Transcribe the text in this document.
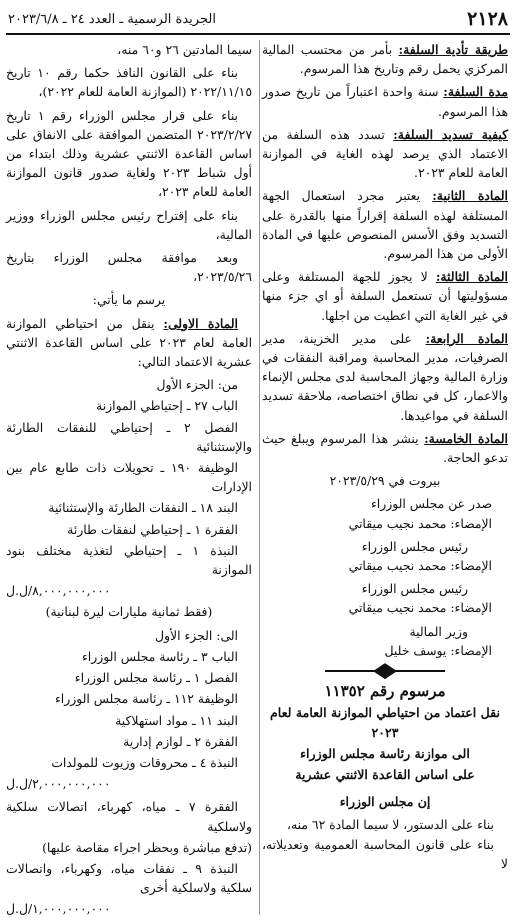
٢١٢٨
الجريدة الرسمية ـ العدد ٢٤ ـ ٢٠٢٣/٦/٨

طريقة تأدية السلفة: بأمر من محتسب المالية المركزي يحمل رقم وتاريخ هذا المرسوم.

مدة السلفة: سنة واحدة اعتباراً من تاريخ صدور هذا المرسوم.

كيفية تسديد السلفة: تسدد هذه السلفة من الاعتماد الذي يرصد لهذه الغاية في الموازنة العامة للعام ٢٠٢٣.

المادة الثانية: يعتبر مجرد استعمال الجهة المستلفة لهذه السلفة إقراراً منها بالقدرة على التسديد وفق الأسس المنصوص عليها في المادة الأولى من هذا المرسوم.

المادة الثالثة: لا يجوز للجهة المستلفة وعلى مسؤوليتها أن تستعمل السلفة أو اي جزء منها في غير الغاية التي اعطيت من اجلها.

المادة الرابعة: على مدير الخزينة، مدير الصرفيات، مدير المحاسبة ومراقبة النفقات في وزارة المالية وجهاز المحاسبة لدى مجلس الإنماء والاعمار، كل في نطاق اختصاصه، ملاحقة تسديد السلفة في مواعيدها.

المادة الخامسة: ينشر هذا المرسوم ويبلغ حيث تدعو الحاجة.

بيروت في ٢٠٢٣/٥/٢٩

صدر عن مجلس الوزراء

الإمضاء: محمد نجيب ميقاتي

رئيس مجلس الوزراء

الإمضاء: محمد نجيب ميقاتي

رئيس مجلس الوزراء

الإمضاء: محمد نجيب ميقاتي

وزير المالية

الإمضاء: يوسف خليل

مرسوم رقم ١١٣٥٢

نقل اعتماد من احتياطي الموازنة العامة لعام ٢٠٢٣

الى موازنة رئاسة مجلس الوزراء

على اساس القاعدة الاثنتي عشرية

إن مجلس الوزراء

بناء على الدستور، لا سيما المادة ٦٢ منه،

بناء على قانون المحاسبة العمومية وتعديلاته، لا

سيما المادتين ٢٦ و٦٠ منه،

بناء على القانون النافذ حكما رقم ١٠ تاريخ ٢٠٢٢/١١/١٥ (الموازنة العامة للعام ٢٠٢٢)،

بناء على قرار مجلس الوزراء رقم ١ تاريخ ٢٠٢٣/٢/٢٧ المتضمن الموافقة على الانفاق على اساس القاعدة الاثنتي عشرية وذلك ابتداء من أول شباط ٢٠٢٣ ولغاية صدور قانون الموازنة العامة للعام ٢٠٢٣،

بناء على إقتراح رئيس مجلس الوزراء ووزير المالية،

وبعد موافقة مجلس الوزراء بتاريخ ٢٠٢٣/٥/٢٦،

يرسم ما يأتي:

المادة الاولى: ينقل من احتياطي الموازنة العامة لعام ٢٠٢٣ على اساس القاعدة الاثنتي عشرية الاعتماد التالي:

من: الجزء الأول

الباب ٢٧ ـ إحتياطي الموازنة

الفصل ٢ ـ إحتياطي للنفقات الطارئة والإستثنائية

الوظيفة ١٩٠ ـ تحويلات ذات طابع عام بين الإدارات

البند ١٨ ـ النفقات الطارئة والإستثنائية

الفقرة ١ ـ إحتياطي لنفقات طارئة

النبذة ١ ـ إحتياطي لتغذية مختلف بنود الموازنة

٨,٠٠٠,٠٠٠,٠٠٠/ل.ل

(فقط ثمانية مليارات ليرة لبنانية)

الى: الجزء الأول

الباب ٣ ـ رئاسة مجلس الوزراء

الفصل ١ ـ رئاسة مجلس الوزراء

الوظيفة ١١٢ ـ رئاسة مجلس الوزراء

البند ١١ ـ مواد استهلاكية

الفقرة ٢ ـ لوازم إدارية

النبذة ٤ ـ محروقات وزيوت للمولدات

٢,٠٠٠,٠٠٠,٠٠٠/ل.ل

الفقرة ٧ ـ مياه، كهرباء، اتصالات سلكية ولاسلكية

(تدفع مباشرة وبحظر اجراء مقاصة عليها)

النبذة ٩ ـ نفقات مياه، وكهرباء، واتصالات سلكية ولاسلكية أخرى

١,٠٠٠,٠٠٠,٠٠٠/ل.ل
